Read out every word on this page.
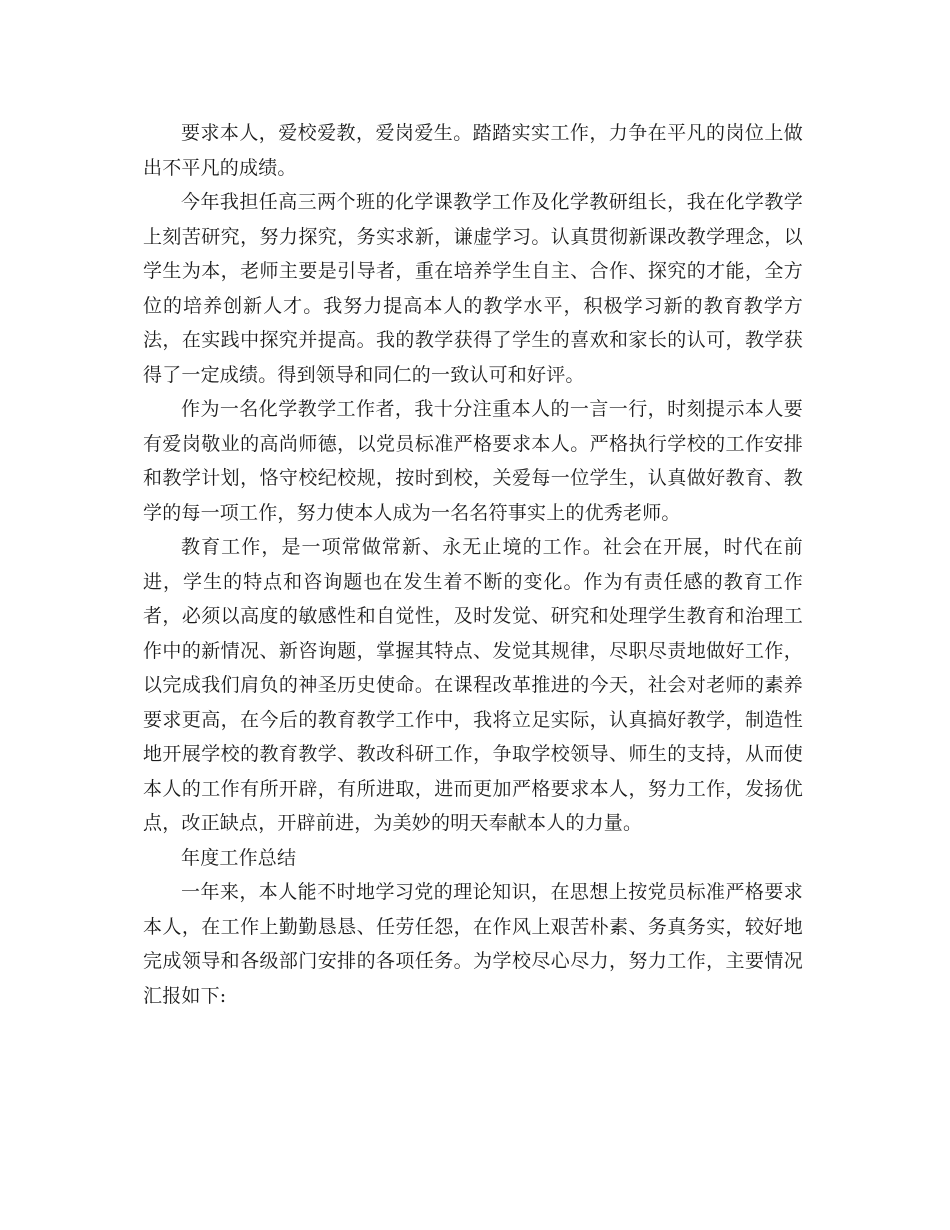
要求本人，爱校爱教，爱岗爱生。踏踏实实工作，力争在平凡的岗位上做出不平凡的成绩。

今年我担任高三两个班的化学课教学工作及化学教研组长，我在化学教学上刻苦研究，努力探究，务实求新，谦虚学习。认真贯彻新课改教学理念，以学生为本，老师主要是引导者，重在培养学生自主、合作、探究的才能，全方位的培养创新人才。我努力提高本人的教学水平，积极学习新的教育教学方法，在实践中探究并提高。我的教学获得了学生的喜欢和家长的认可，教学获得了一定成绩。得到领导和同仁的一致认可和好评。

作为一名化学教学工作者，我十分注重本人的一言一行，时刻提示本人要有爱岗敬业的高尚师德，以党员标准严格要求本人。严格执行学校的工作安排和教学计划，恪守校纪校规，按时到校，关爱每一位学生，认真做好教育、教学的每一项工作，努力使本人成为一名名符事实上的优秀老师。

教育工作，是一项常做常新、永无止境的工作。社会在开展，时代在前进，学生的特点和咨询题也在发生着不断的变化。作为有责任感的教育工作者，必须以高度的敏感性和自觉性，及时发觉、研究和处理学生教育和治理工作中的新情况、新咨询题，掌握其特点、发觉其规律，尽职尽责地做好工作，以完成我们肩负的神圣历史使命。在课程改革推进的今天，社会对老师的素养要求更高，在今后的教育教学工作中，我将立足实际，认真搞好教学，制造性地开展学校的教育教学、教改科研工作，争取学校领导、师生的支持，从而使本人的工作有所开辟，有所进取，进而更加严格要求本人，努力工作，发扬优点，改正缺点，开辟前进，为美妙的明天奉献本人的力量。

年度工作总结

一年来，本人能不时地学习党的理论知识，在思想上按党员标准严格要求本人，在工作上勤勤恳恳、任劳任怨，在作风上艰苦朴素、务真务实，较好地完成领导和各级部门安排的各项任务。为学校尽心尽力，努力工作，主要情况汇报如下:
